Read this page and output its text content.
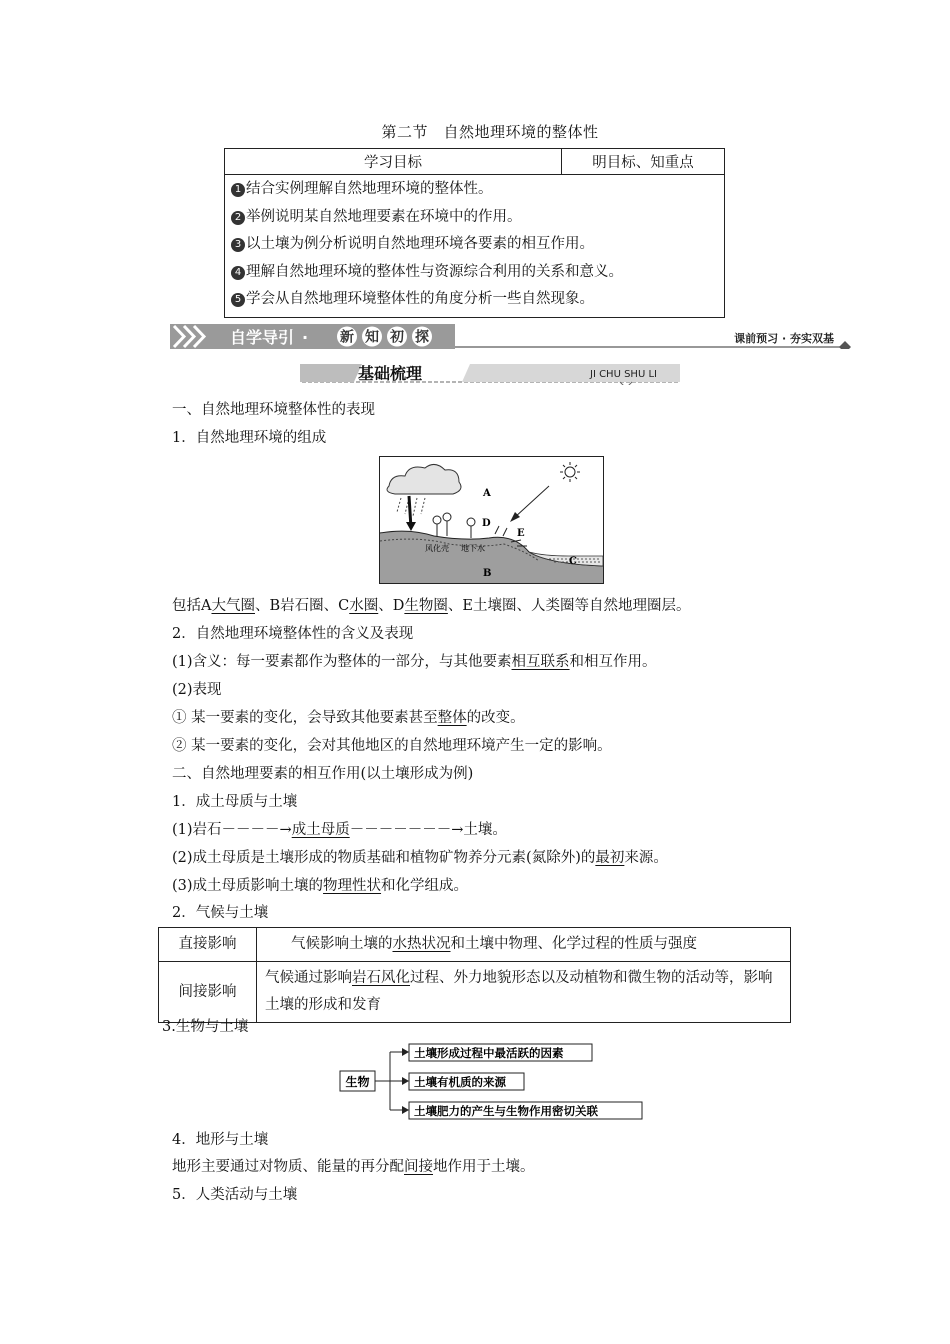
第二节　自然地理环境的整体性
学习目标	明目标、知重点

1 结合实例理解自然地理环境的整体性。
2 举例说明某自然地理要素在环境中的作用。
3 以土壤为例分析说明自然地理环境各要素的相互作用。
4 理解自然地理环境的整体性与资源综合利用的关系和意义。
5 学会从自然地理环境整体性的角度分析一些自然现象。
自学导引 · 新 知 初 探	课前预习 · 夯实双基
基础梳理	JI CHU SHU LI
一、自然地理环境整体性的表现
1．自然地理环境的组成
A
B
C
D
E
风化壳 地下水
包括A大气圈、B岩石圈、C水圈、D生物圈、E土壤圈、人类圈等自然地理圈层。
2．自然地理环境整体性的含义及表现
(1)含义：每一要素都作为整体的一部分，与其他要素相互联系和相互作用。
(2)表现
① 某一要素的变化，会导致其他要素甚至整体的改变。
② 某一要素的变化，会对其他地区的自然地理环境产生一定的影响。
二、自然地理要素的相互作用(以土壤形成为例)
1．成土母质与土壤
(1)岩石－－－－→成土母质－－－－－－－→土壤。
(2)成土母质是土壤形成的物质基础和植物矿物养分元素(氮除外)的最初来源。
(3)成土母质影响土壤的物理性状和化学组成。
2．气候与土壤
直接影响	气候影响土壤的水热状况和土壤中物理、化学过程的性质与强度
间接影响	气候通过影响岩石风化过程、外力地貌形态以及动植物和微生物的活动等，影响土壤的形成和发育
3.生物与土壤
生物
土壤形成过程中最活跃的因素
土壤有机质的来源
土壤肥力的产生与生物作用密切关联
4．地形与土壤
地形主要通过对物质、能量的再分配间接地作用于土壤。
5．人类活动与土壤
